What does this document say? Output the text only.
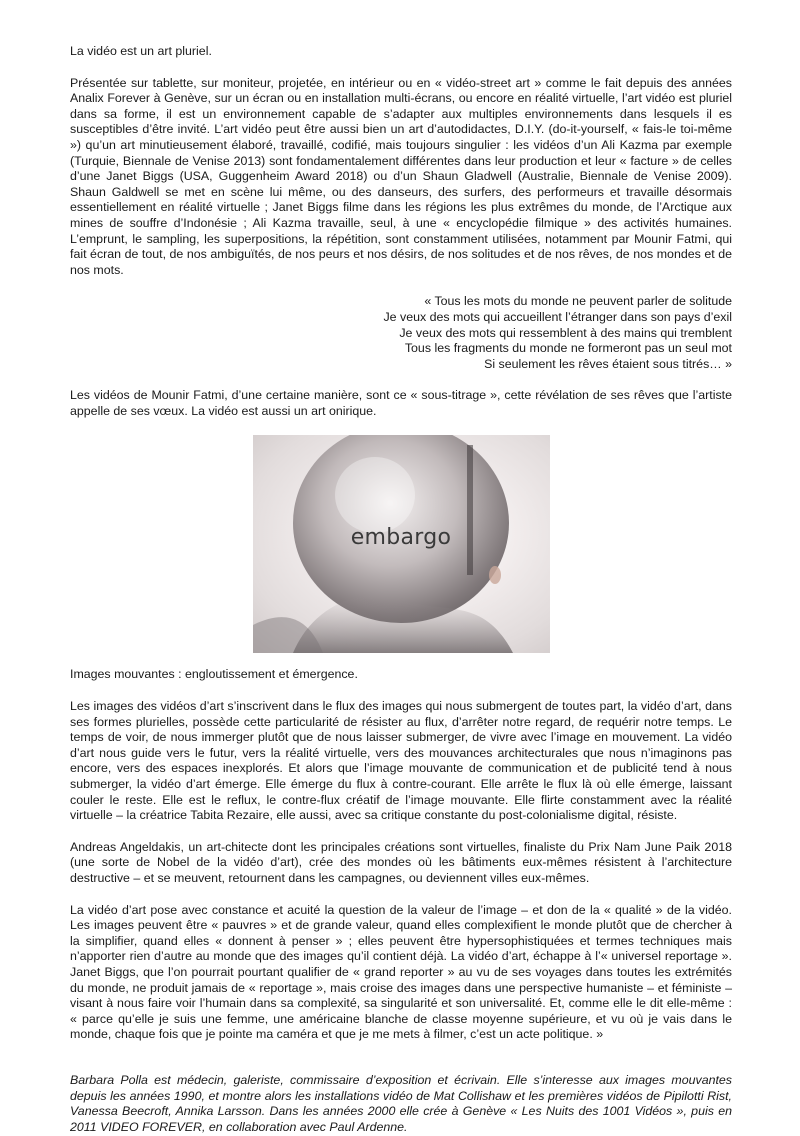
La vidéo est un art pluriel.

Présentée sur tablette, sur moniteur, projetée, en intérieur ou en « vidéo-street art » comme le fait depuis des années Analix Forever à Genève, sur un écran ou en installation multi-écrans, ou encore en réalité virtuelle, l’art vidéo est pluriel dans sa forme, il est un environnement capable de s’adapter aux multiples environnements dans lesquels il es susceptibles d’être invité. L’art vidéo peut être aussi bien un art d’autodidactes, D.I.Y. (do-it-yourself, « fais-le toi-même ») qu’un art minutieusement élaboré, travaillé, codifié, mais toujours singulier : les vidéos d’un Ali Kazma par exemple (Turquie, Biennale de Venise 2013) sont fondamentalement différentes dans leur production et leur « facture » de celles d’une Janet Biggs (USA, Guggenheim Award 2018) ou d’un Shaun Gladwell (Australie, Biennale de Venise 2009). Shaun Galdwell se met en scène lui même, ou des danseurs, des surfers, des performeurs et travaille désormais essentiellement en réalité virtuelle ; Janet Biggs filme dans les régions les plus extrêmes du monde, de l’Arctique aux mines de souffre d’Indonésie ; Ali Kazma travaille, seul, à une « encyclopédie filmique » des activités humaines. L’emprunt, le sampling, les superpositions, la répétition, sont constamment utilisées, notamment par Mounir Fatmi, qui fait écran de tout, de nos ambiguïtés, de nos peurs et nos désirs, de nos solitudes et de nos rêves, de nos mondes et de nos mots.

« Tous les mots du monde ne peuvent parler de solitude
Je veux des mots qui accueillent l’étranger dans son pays d’exil
Je veux des mots qui ressemblent à des mains qui tremblent
Tous les fragments du monde ne formeront pas un seul mot
Si seulement les rêves étaient sous titrés… »

Les vidéos de Mounir Fatmi, d’une certaine manière, sont ce « sous-titrage », cette révélation de ses rêves que l’artiste appelle de ses vœux. La vidéo est aussi un art onirique.

embargo

Images mouvantes : engloutissement et émergence.

Les images des vidéos d’art s’inscrivent dans le flux des images qui nous submergent de toutes part, la vidéo d’art, dans ses formes plurielles, possède cette particularité de résister au flux, d’arrêter notre regard, de requérir notre temps. Le temps de voir, de nous immerger plutôt que de nous laisser submerger, de vivre avec l’image en mouvement. La vidéo d’art nous guide vers le futur, vers la réalité virtuelle, vers des mouvances architecturales que nous n’imaginons pas encore, vers des espaces inexplorés. Et alors que l’image mouvante de communication et de publicité tend à nous submerger, la vidéo d’art émerge. Elle émerge du flux à contre-courant. Elle arrête le flux là où elle émerge, laissant couler le reste. Elle est le reflux, le contre-flux créatif de l’image mouvante. Elle flirte constamment avec la réalité virtuelle – la créatrice Tabita Rezaire, elle aussi, avec sa critique constante du post-colonialisme digital, résiste.

Andreas Angeldakis, un art-chitecte dont les principales créations sont virtuelles, finaliste du Prix Nam June Paik 2018 (une sorte de Nobel de la vidéo d’art), crée des mondes où les bâtiments eux-mêmes résistent à l’architecture destructive – et se meuvent, retournent dans les campagnes, ou deviennent villes eux-mêmes.

La vidéo d’art pose avec constance et acuité la question de la valeur de l’image – et don de la « qualité » de la vidéo. Les images peuvent être « pauvres » et de grande valeur, quand elles complexifient le monde plutôt que de chercher à la simplifier, quand elles « donnent à penser » ; elles peuvent être hypersophistiquées et termes techniques mais n’apporter rien d’autre au monde que des images qu’il contient déjà. La vidéo d’art, échappe à l’« universel reportage ». Janet Biggs, que l’on pourrait pourtant qualifier de « grand reporter » au vu de ses voyages dans toutes les extrémités du monde, ne produit jamais de « reportage », mais croise des images dans une perspective humaniste – et féministe – visant à nous faire voir l’humain dans sa complexité, sa singularité et son universalité. Et, comme elle le dit elle-même : « parce qu’elle je suis une femme, une américaine blanche de classe moyenne supérieure, et vu où je vais dans le monde, chaque fois que je pointe ma caméra et que je me mets à filmer, c’est un acte politique. »

Barbara Polla est médecin, galeriste, commissaire d’exposition et écrivain. Elle s’interesse aux images mouvantes depuis les années 1990, et montre alors les installations vidéo de Mat Collishaw et les premières vidéos de Pipilotti Rist, Vanessa Beecroft, Annika Larsson. Dans les années 2000 elle crée à Genève « Les Nuits des 1001 Vidéos », puis en 2011 VIDEO FOREVER, en collaboration avec Paul Ardenne.
